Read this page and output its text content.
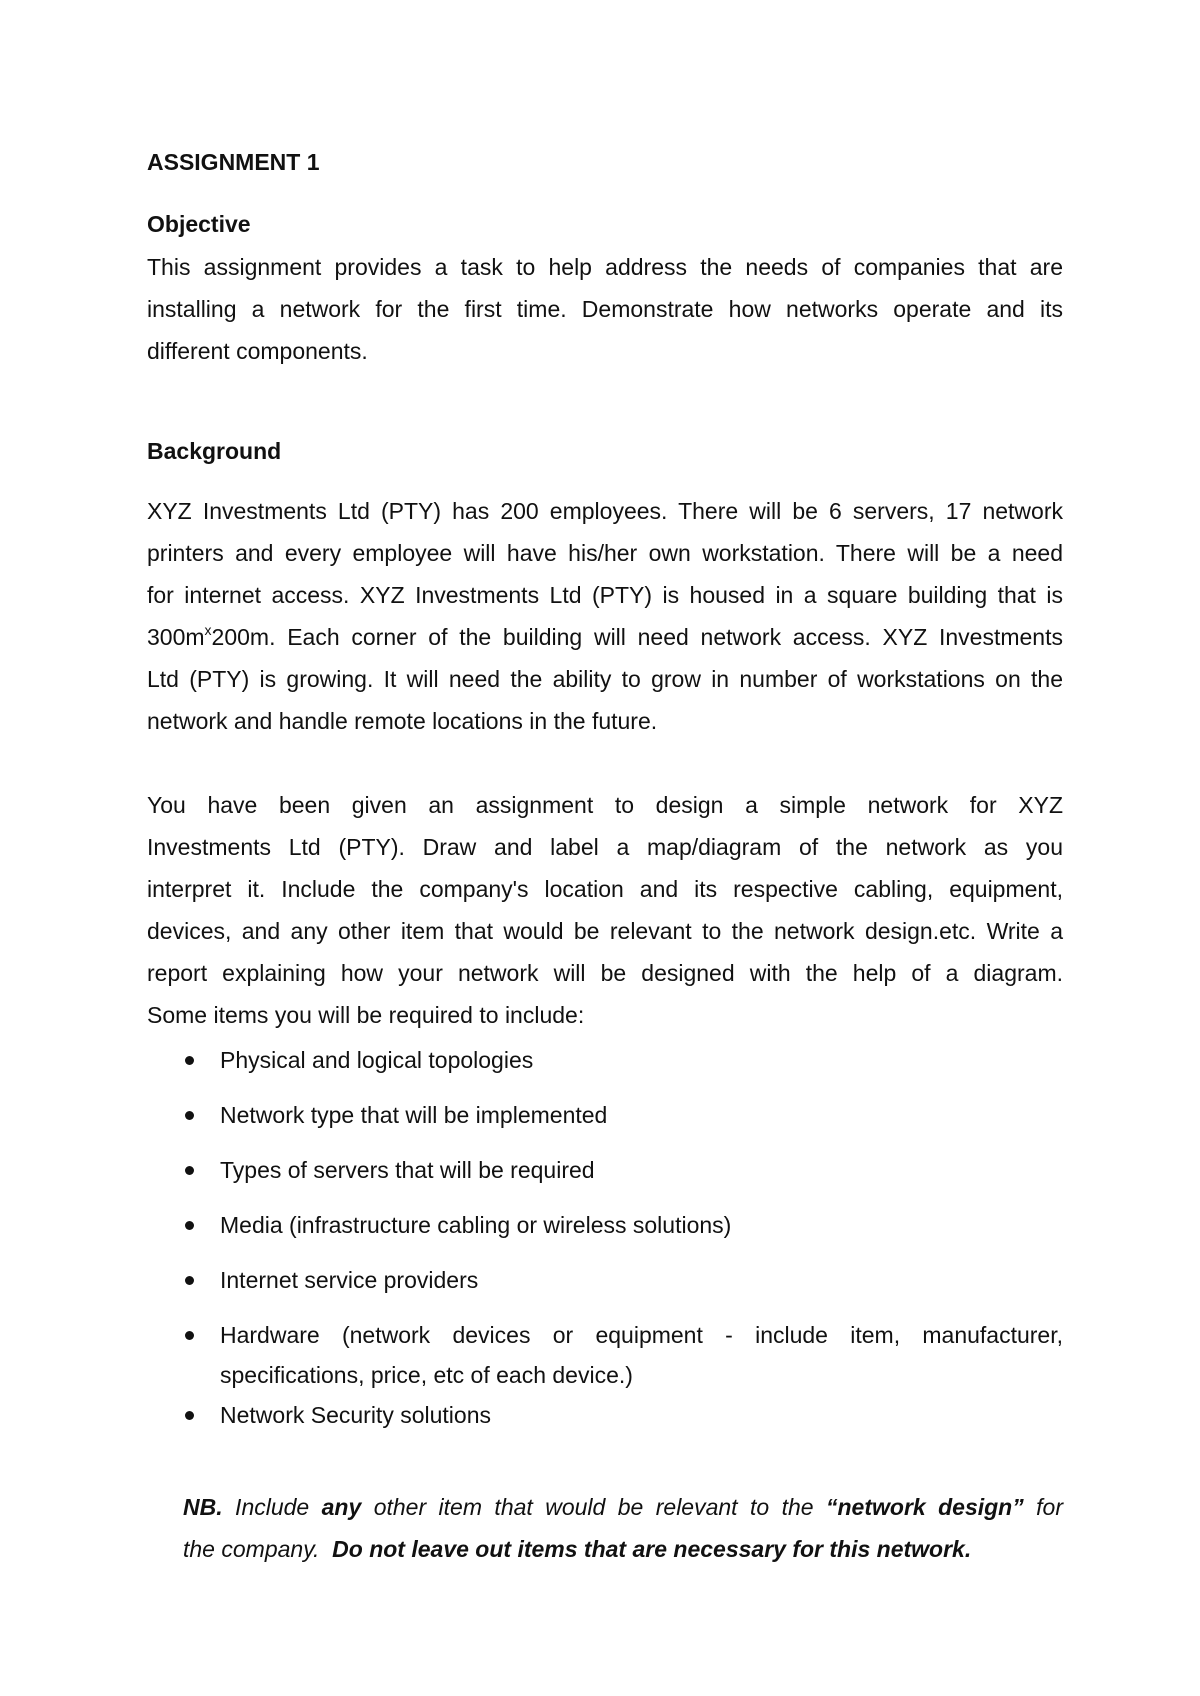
ASSIGNMENT 1
Objective

This assignment provides a task to help address the needs of companies that are
installing a network for the first time. Demonstrate how networks operate and its
different components.

Background

XYZ Investments Ltd (PTY) has 200 employees. There will be 6 servers, 17 network
printers and every employee will have his/her own workstation. There will be a need
for internet access. XYZ Investments Ltd (PTY) is housed in a square building that is
$300m^x200m$. Each corner of the building will need network access. XYZ Investments
Ltd (PTY) is growing. It will need the ability to grow in number of workstations on the
network and handle remote locations in the future.

You have been given an assignment to design a simple network for XYZ
Investments Ltd (PTY). Draw and label a map/diagram of the network as you
interpret it. Include the company's location and its respective cabling, equipment,
devices, and any other item that would be relevant to the network design.etc. Write a
report explaining how your network will be designed with the help of a diagram.
Some items you will be required to include:

Physical and logical topologies
Network type that will be implemented
Types of servers that will be required
Media (infrastructure cabling or wireless solutions)
Internet service providers
Hardware (network devices or equipment - include item, manufacturer,
specifications, price, etc of each device.)
Network Security solutions

NB. Include any other item that would be relevant to the “network design” for
the company.  Do not leave out items that are necessary for this network.
